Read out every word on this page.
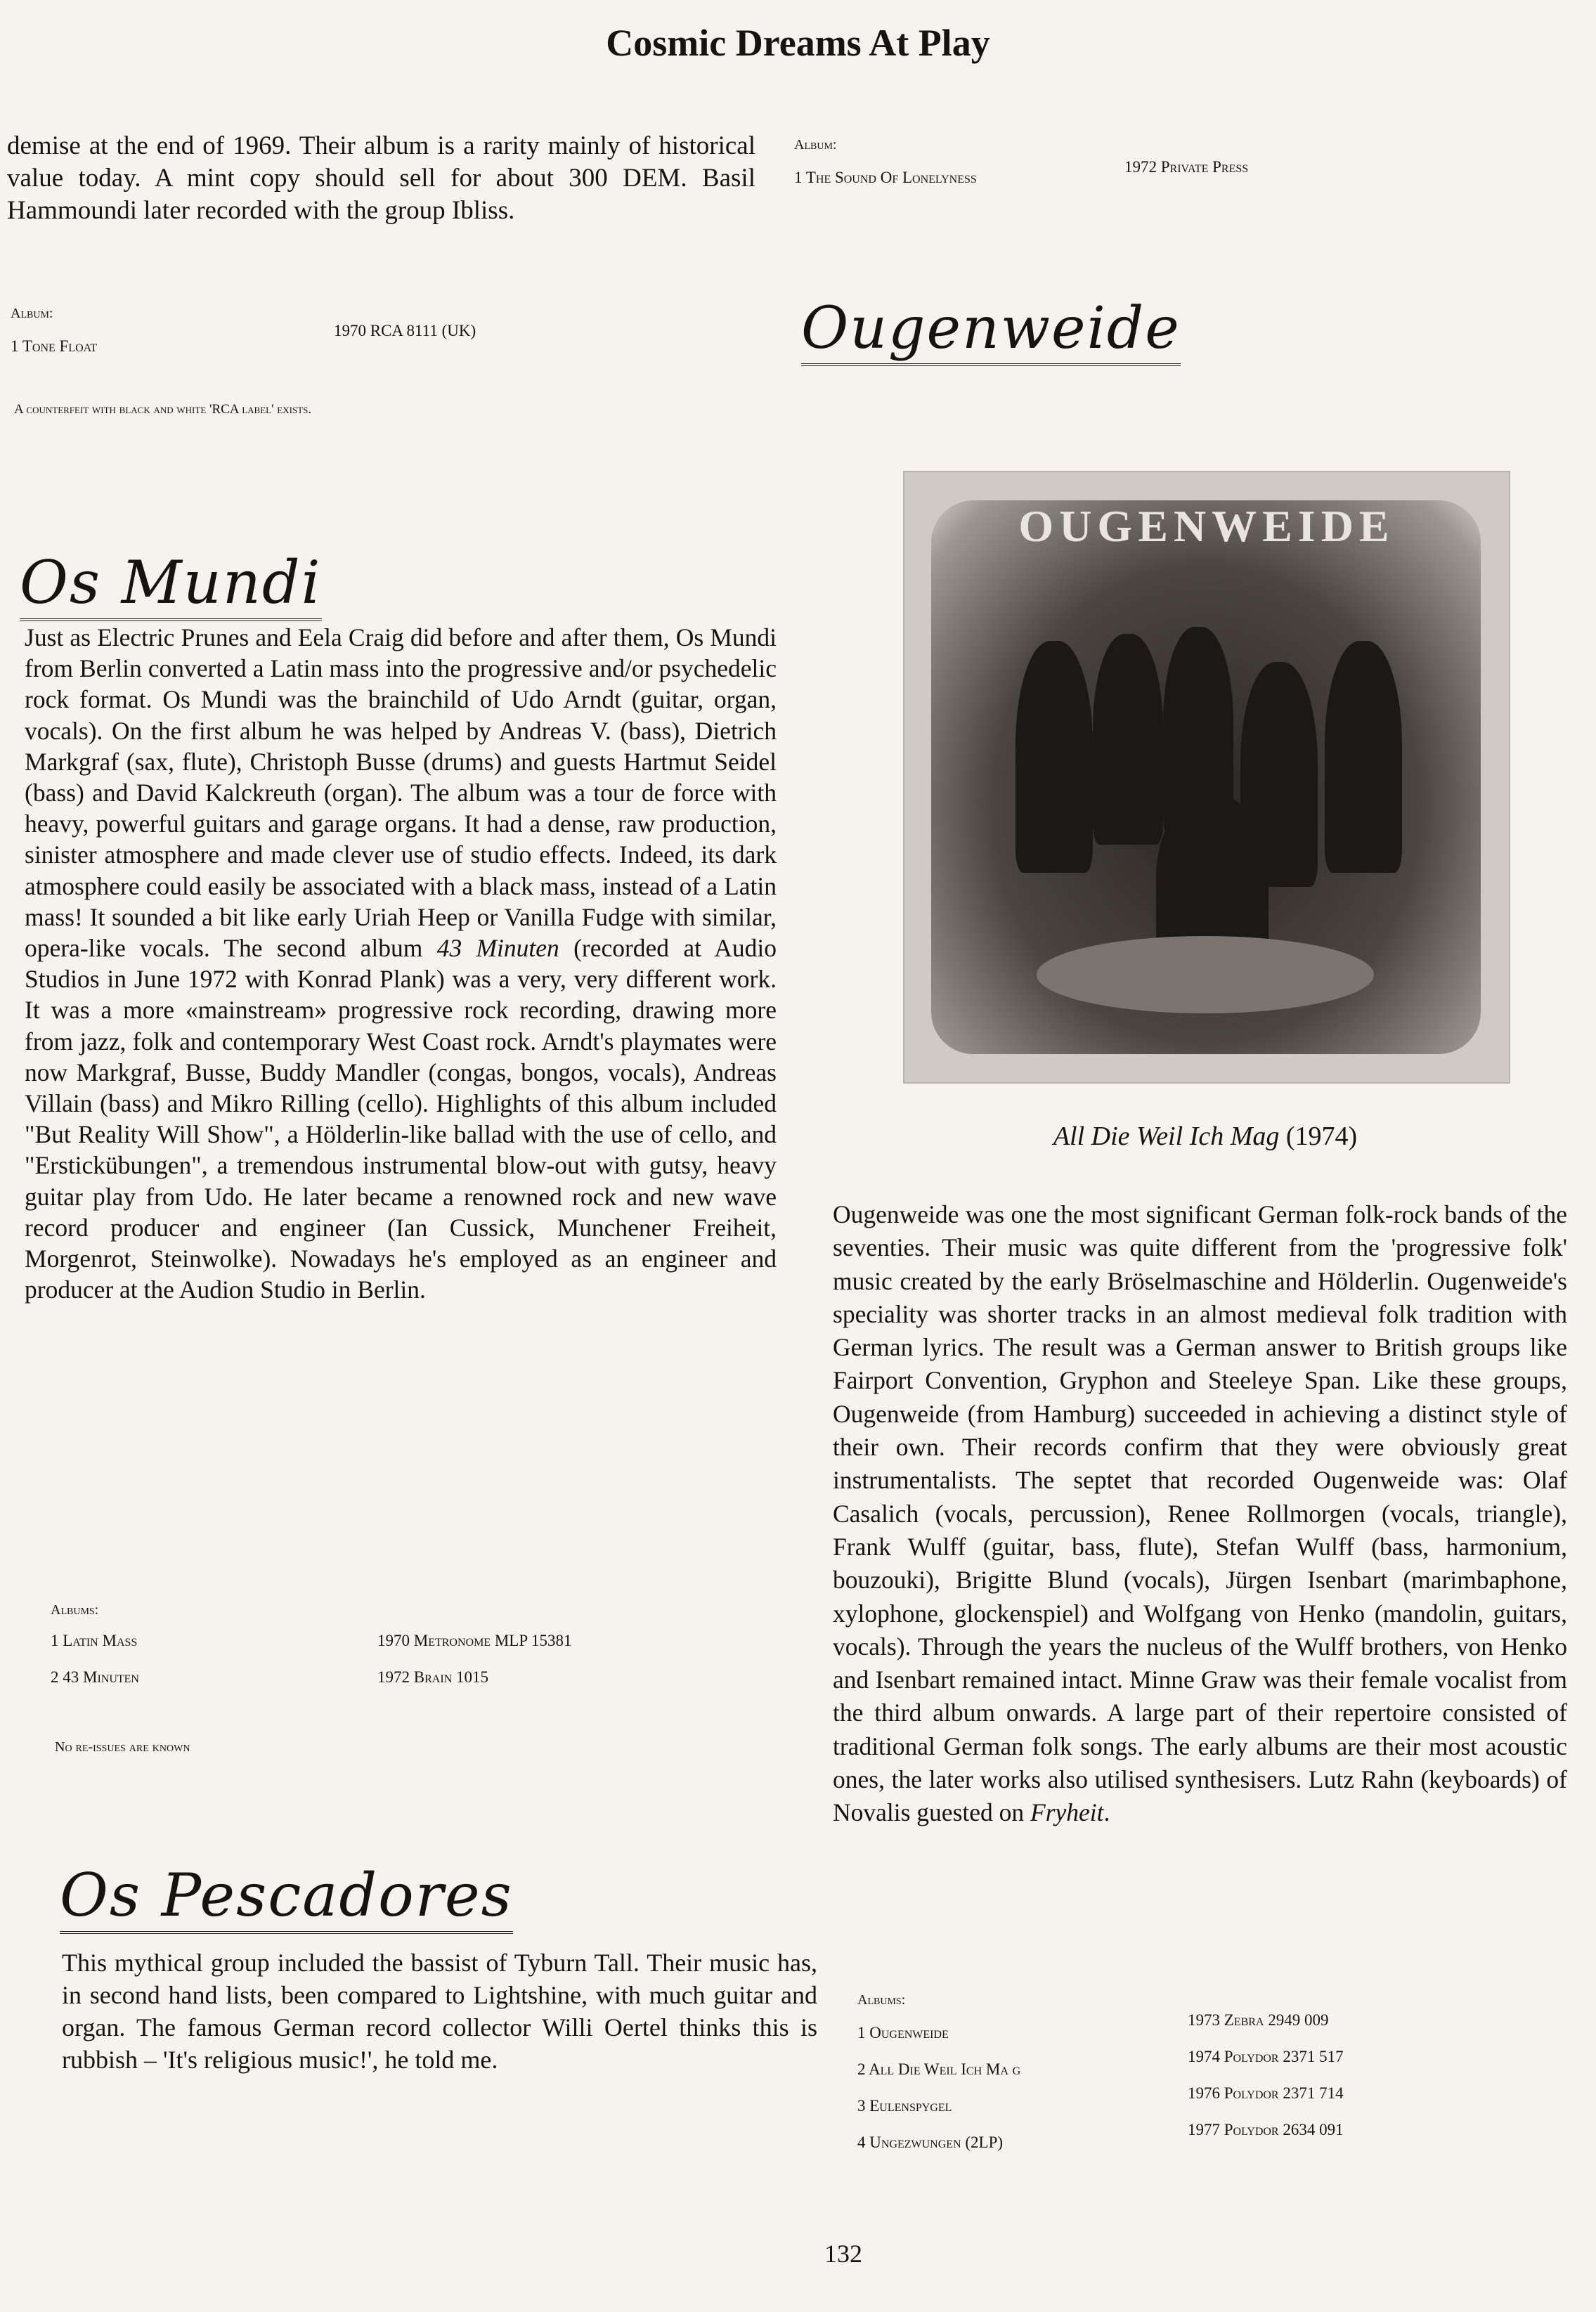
Cosmic Dreams At Play
demise at the end of 1969. Their album is a rarity mainly of historical value today. A mint copy should sell for about 300 DEM. Basil Hammoundi later recorded with the group Ibliss.
Album:
1 Tone Float
1970 RCA 8111 (UK)
A counterfeit with black and white 'RCA label' exists.
Album:
1 The Sound Of Lonelyness
1972 Private Press
Ougenweide
Os Mundi
Just as Electric Prunes and Eela Craig did before and after them, Os Mundi from Berlin converted a Latin mass into the progressive and/or psychedelic rock format. Os Mundi was the brainchild of Udo Arndt (guitar, organ, vocals). On the first album he was helped by Andreas V. (bass), Dietrich Markgraf (sax, flute), Christoph Busse (drums) and guests Hartmut Seidel (bass) and David Kalckreuth (organ). The album was a tour de force with heavy, powerful guitars and garage organs. It had a dense, raw production, sinister atmosphere and made clever use of studio effects. Indeed, its dark atmosphere could easily be associated with a black mass, instead of a Latin mass! It sounded a bit like early Uriah Heep or Vanilla Fudge with similar, opera-like vocals. The second album 43 Minuten (recorded at Audio Studios in June 1972 with Konrad Plank) was a very, very different work. It was a more «mainstream» progressive rock recording, drawing more from jazz, folk and contemporary West Coast rock. Arndt's playmates were now Markgraf, Busse, Buddy Mandler (congas, bongos, vocals), Andreas Villain (bass) and Mikro Rilling (cello). Highlights of this album included "But Reality Will Show", a Hölderlin-like ballad with the use of cello, and "Erstickübungen", a tremendous instrumental blow-out with gutsy, heavy guitar play from Udo. He later became a renowned rock and new wave record producer and engineer (Ian Cussick, Munchener Freiheit, Morgenrot, Steinwolke). Nowadays he's employed as an engineer and producer at the Audion Studio in Berlin.
Albums:
1 Latin Mass	1970 Metronome MLP 15381
2 43 Minuten	1972 Brain 1015
No re-issues are known
Os Pescadores
This mythical group included the bassist of Tyburn Tall. Their music has, in second hand lists, been compared to Lightshine, with much guitar and organ. The famous German record collector Willi Oertel thinks this is rubbish – 'It's religious music!', he told me.
OUGENWEIDE
All Die Weil Ich Mag (1974)
Ougenweide was one the most significant German folk-rock bands of the seventies. Their music was quite different from the 'progressive folk' music created by the early Bröselmaschine and Hölderlin. Ougenweide's speciality was shorter tracks in an almost medieval folk tradition with German lyrics. The result was a German answer to British groups like Fairport Convention, Gryphon and Steeleye Span. Like these groups, Ougenweide (from Hamburg) succeeded in achieving a distinct style of their own. Their records confirm that they were obviously great instrumentalists. The septet that recorded Ougenweide was: Olaf Casalich (vocals, percussion), Renee Rollmorgen (vocals, triangle), Frank Wulff (guitar, bass, flute), Stefan Wulff (bass, harmonium, bouzouki), Brigitte Blund (vocals), Jürgen Isenbart (marimbaphone, xylophone, glockenspiel) and Wolfgang von Henko (mandolin, guitars, vocals). Through the years the nucleus of the Wulff brothers, von Henko and Isenbart remained intact. Minne Graw was their female vocalist from the third album onwards. A large part of their repertoire consisted of traditional German folk songs. The early albums are their most acoustic ones, the later works also utilised synthesisers. Lutz Rahn (keyboards) of Novalis guested on Fryheit.
Albums:
1 Ougenweide
1973 Zebra 2949 009
2 All Die Weil Ich Ma g
1974 Polydor 2371 517
3 Eulenspygel
1976 Polydor 2371 714
4 Ungezwungen (2LP)
1977 Polydor 2634 091
132
